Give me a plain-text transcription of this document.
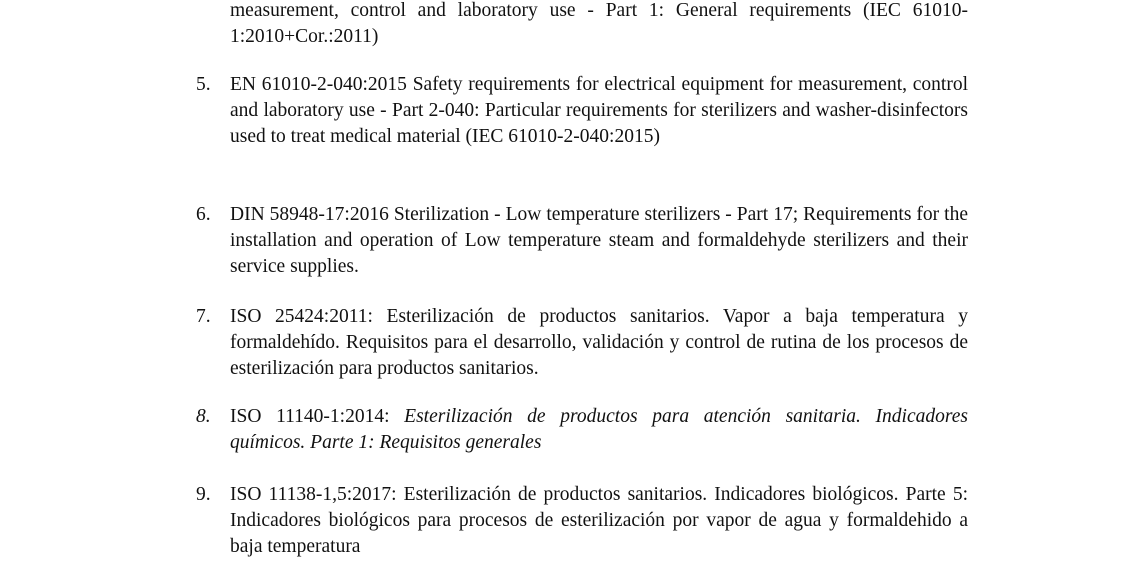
measurement, control and laboratory use - Part 1: General requirements (IEC 61010-1:2010+Cor.:2011)
5. EN 61010-2-040:2015 Safety requirements for electrical equipment for measurement, control and laboratory use - Part 2-040: Particular requirements for sterilizers and washer-disinfectors used to treat medical material (IEC 61010-2-040:2015)
6. DIN 58948-17:2016 Sterilization - Low temperature sterilizers - Part 17; Requirements for the installation and operation of Low temperature steam and formaldehyde sterilizers and their service supplies.
7. ISO 25424:2011: Esterilización de productos sanitarios. Vapor a baja temperatura y formaldehído. Requisitos para el desarrollo, validación y control de rutina de los procesos de esterilización para productos sanitarios.
8. ISO 11140-1:2014: Esterilización de productos para atención sanitaria. Indicadores químicos. Parte 1: Requisitos generales
9. ISO 11138-1,5:2017: Esterilización de productos sanitarios. Indicadores biológicos. Parte 5: Indicadores biológicos para procesos de esterilización por vapor de agua y formaldehido a baja temperatura
